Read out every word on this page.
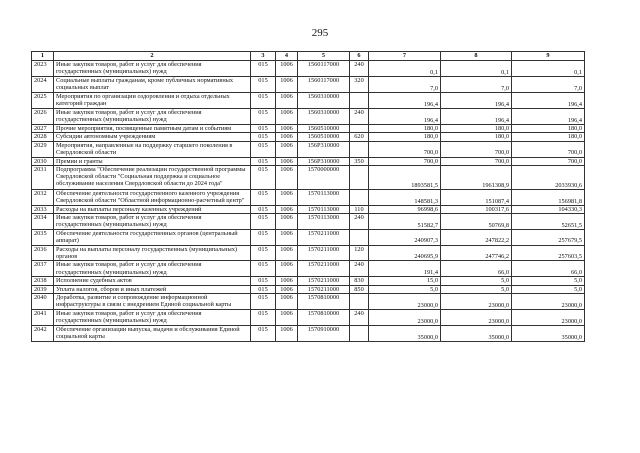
295
1	2	3	4	5	6	7	8	9
2023	Иные закупки товаров, работ и услуг для обеспечения государственных (муниципальных) нужд	015	1006	1560117000	240	0,1	0,1	0,1
2024	Социальные выплаты гражданам, кроме публичных нормативных социальных выплат	015	1006	1560117000	320	7,0	7,0	7,0
2025	Мероприятия по организации оздоровления и отдыха отдельных категорий граждан	015	1006	1560310000		196,4	196,4	196,4
2026	Иные закупки товаров, работ и услуг для обеспечения государственных (муниципальных) нужд	015	1006	1560310000	240	196,4	196,4	196,4
2027	Прочие мероприятия, посвященные памятным датам и событиям	015	1006	1560510000		180,0	180,0	180,0
2028	Субсидии автономным учреждениям	015	1006	1560510000	620	180,0	180,0	180,0
2029	Мероприятия, направленные на поддержку старшего поколения в Свердловской области	015	1006	156Р310000		700,0	700,0	700,0
2030	Премии и гранты	015	1006	156Р310000	350	700,0	700,0	700,0
2031	Подпрограмма "Обеспечение реализации государственной программы Свердловской области "Социальная поддержка и социальное обслуживание населения Свердловской области до 2024 года"	015	1006	1570000000		1893581,5	1961308,9	2033930,6
2032	Обеспечение деятельности государственного казенного учреждения Свердловской области "Областной информационно-расчетный центр"	015	1006	1570113000		148581,3	151087,4	156981,8
2033	Расходы на выплаты персоналу казенных учреждений	015	1006	1570113000	110	96998,6	100317,6	104330,3
2034	Иные закупки товаров, работ и услуг для обеспечения государственных (муниципальных) нужд	015	1006	1570113000	240	51582,7	50769,8	52651,5
2035	Обеспечение деятельности государственных органов (центральный аппарат)	015	1006	1570211000		240907,3	247822,2	257679,5
2036	Расходы на выплаты персоналу государственных (муниципальных) органов	015	1006	1570211000	120	240695,9	247746,2	257603,5
2037	Иные закупки товаров, работ и услуг для обеспечения государственных (муниципальных) нужд	015	1006	1570211000	240	191,4	66,0	66,0
2038	Исполнение судебных актов	015	1006	1570211000	830	15,0	5,0	5,0
2039	Уплата налогов, сборов и иных платежей	015	1006	1570211000	850	5,0	5,0	5,0
2040	Доработка, развитие и сопровождение информационной инфраструктуры в связи с внедрением Единой социальной карты	015	1006	1570810000		23000,0	23000,0	23000,0
2041	Иные закупки товаров, работ и услуг для обеспечения государственных (муниципальных) нужд	015	1006	1570810000	240	23000,0	23000,0	23000,0
2042	Обеспечение организации выпуска, выдачи и обслуживания Единой социальной карты	015	1006	1570910000		35000,0	35000,0	35000,0
